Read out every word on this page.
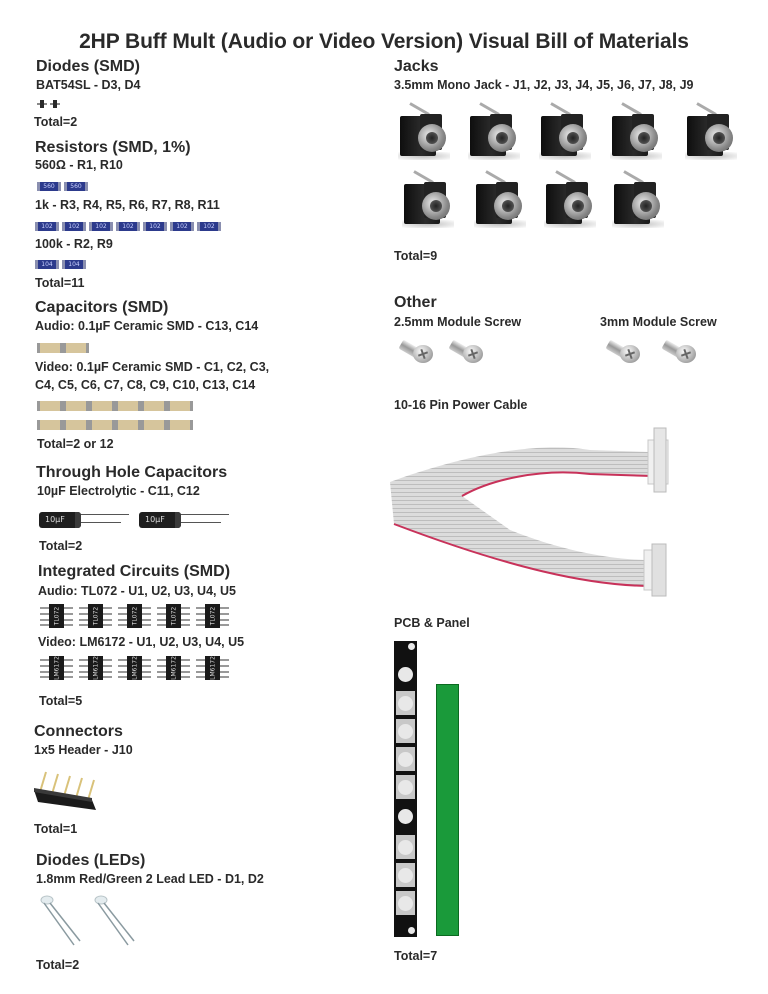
2HP Buff Mult (Audio or Video Version) Visual Bill of Materials
Diodes (SMD)
BAT54SL - D3, D4
Total=2
Resistors (SMD, 1%)
560Ω - R1, R10
560	560
1k - R3, R4, R5, R6, R7, R8, R11
102	102	102	102	102	102	102
100k - R2, R9
104	104
Total=11
Capacitors (SMD)
Audio: 0.1µF Ceramic SMD - C13, C14
Video: 0.1µF Ceramic SMD - C1, C2, C3,
C4, C5, C6, C7, C8, C9, C10, C13, C14
Total=2 or 12
Through Hole Capacitors
10µF Electrolytic - C11, C12
10µF	10µF
Total=2
Integrated Circuits (SMD)
Audio: TL072 - U1, U2, U3, U4, U5
TL072	TL072	TL072	TL072	TL072
Video: LM6172 - U1, U2, U3, U4, U5
LM6172	LM6172	LM6172	LM6172	LM6172
Total=5
Connectors
1x5 Header - J10
Total=1
Diodes (LEDs)
1.8mm Red/Green 2 Lead LED - D1, D2
Total=2
Jacks
3.5mm Mono Jack - J1, J2, J3, J4, J5, J6, J7, J8, J9
Total=9
Other
2.5mm Module Screw	3mm Module Screw
10-16 Pin Power Cable
PCB & Panel
Total=7
